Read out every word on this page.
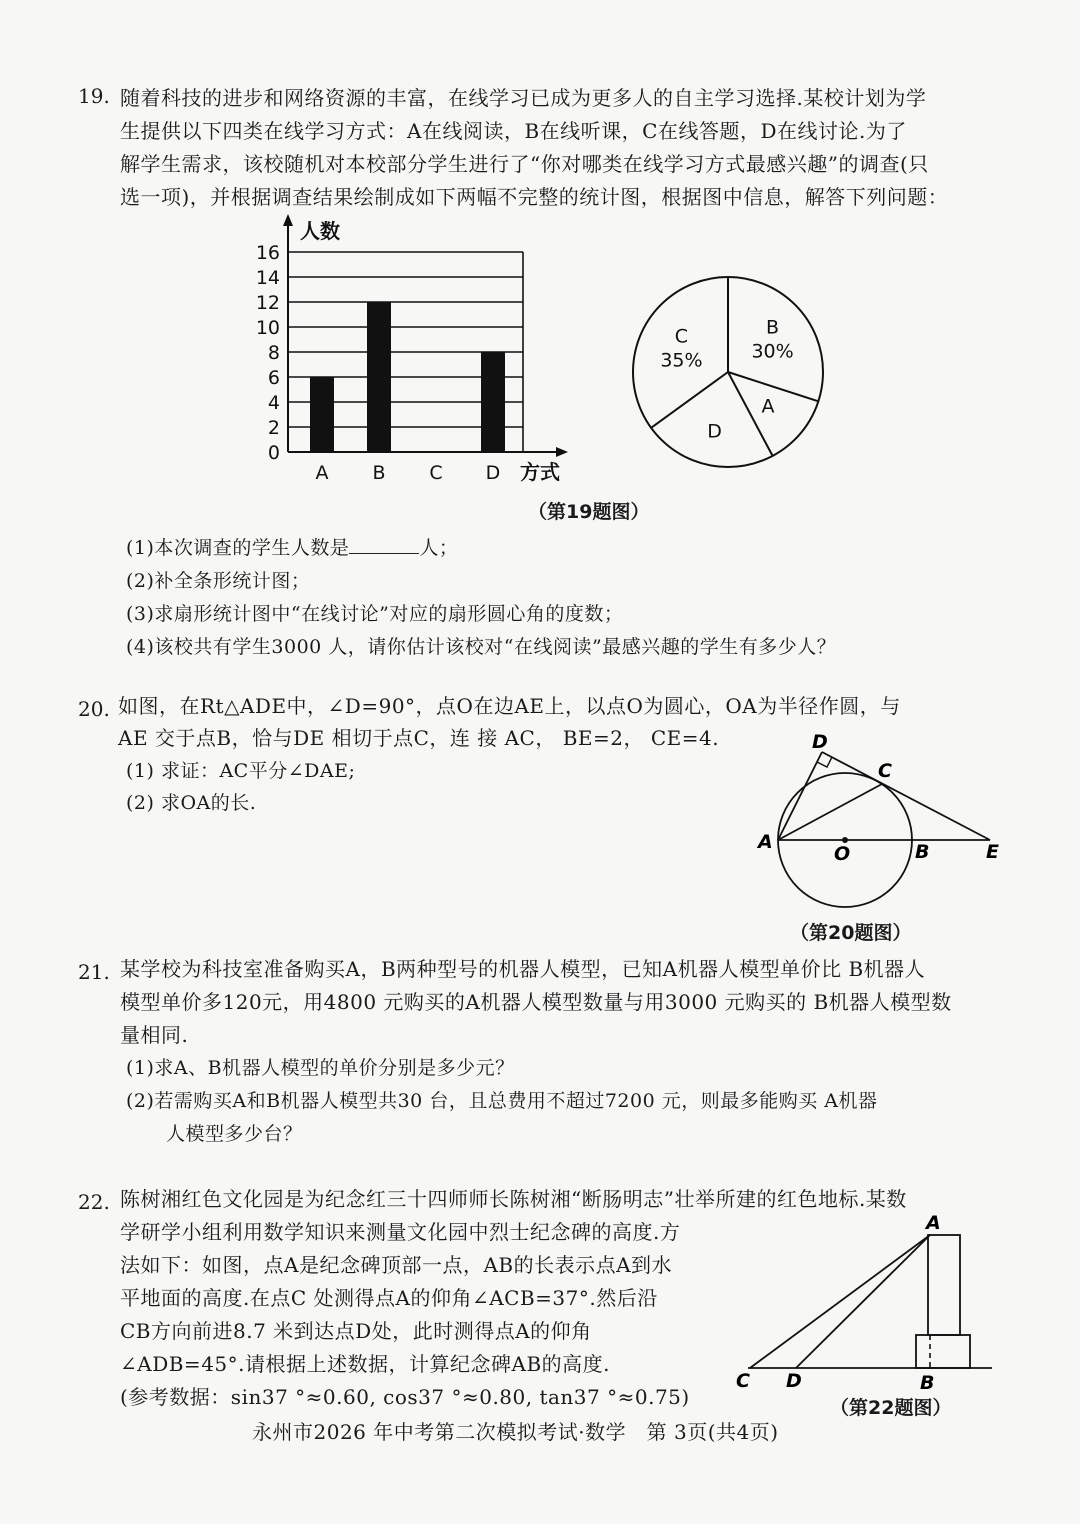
19. 随着科技的进步和网络资源的丰富，在线学习已成为更多人的自主学习选择.某校计划为学
生提供以下四类在线学习方式：A在线阅读，B在线听课，C在线答题，D在线讨论.为了
解学生需求，该校随机对本校部分学生进行了“你对哪类在线学习方式最感兴趣”的调查(只
选一项)，并根据调查结果绘制成如下两幅不完整的统计图，根据图中信息，解答下列问题：
0
2
4
6
8
10
12
14
16
A B C D
人数
方式
B
30%
A
D
C
35%
（第19题图）
(1)本次调查的学生人数是	人；
(2)补全条形统计图；
(3)求扇形统计图中“在线讨论”对应的扇形圆心角的度数；
(4)该校共有学生3000 人，请你估计该校对“在线阅读”最感兴趣的学生有多少人？
20. 如图，在Rt△ADE中，∠D=90°，点O在边AE上，以点O为圆心，OA为半径作圆，与
AE 交于点B，恰与DE 相切于点C，连 接 AC， BE=2， CE=4.
(1) 求证：AC平分∠DAE;
(2) 求OA的长.
D
C
A
O	B	E
（第20题图）
21. 某学校为科技室准备购买A，B两种型号的机器人模型，已知A机器人模型单价比 B机器人
模型单价多120元，用4800 元购买的A机器人模型数量与用3000 元购买的 B机器人模型数
量相同.
(1)求A、B机器人模型的单价分别是多少元？
(2)若需购买A和B机器人模型共30 台，且总费用不超过7200 元，则最多能购买 A机器
人模型多少台？
22. 陈树湘红色文化园是为纪念红三十四师师长陈树湘“断肠明志”壮举所建的红色地标.某数
学研学小组利用数学知识来测量文化园中烈士纪念碑的高度.方
法如下：如图，点A是纪念碑顶部一点，AB的长表示点A到水
平地面的高度.在点C 处测得点A的仰角∠ACB=37°.然后沿
CB方向前进8.7 米到达点D处，此时测得点A的仰角
∠ADB=45°.请根据上述数据，计算纪念碑AB的高度.
(参考数据：sin37 °≈0.60, cos37 °≈0.80, tan37 °≈0.75)
A
C D	B
（第22题图）
永州市2026 年中考第二次模拟考试·数学　第 3页(共4页)
